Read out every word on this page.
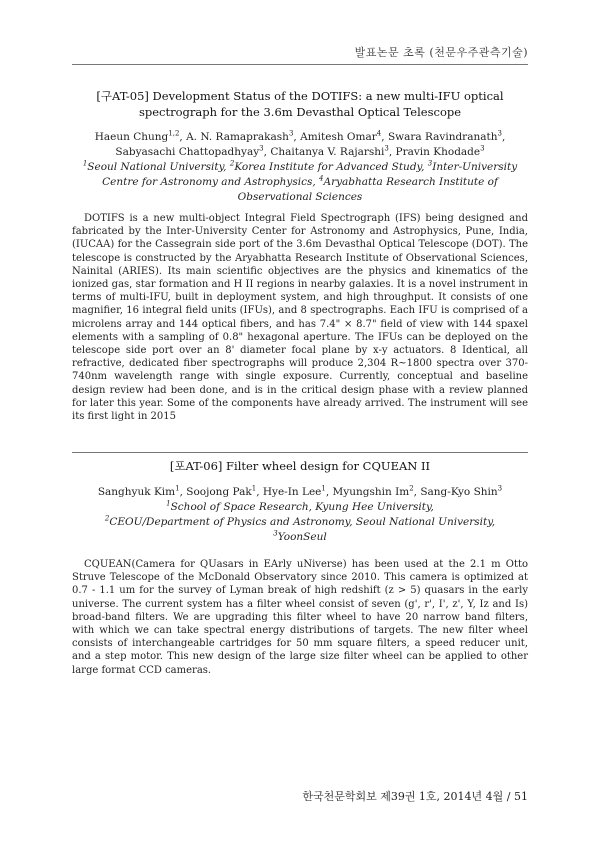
발표논문 초록 (천문우주관측기술)
[구AT-05] Development Status of the DOTIFS: a new multi-IFU optical
spectrograph for the 3.6m Devasthal Optical Telescope
Haeun Chung$^{1,2}$, A. N. Ramaprakash$^3$, Amitesh Omar$^4$, Swara Ravindranath$^3$,
Sabyasachi Chattopadhyay$^3$, Chaitanya V. Rajarshi$^3$, Pravin Khodade$^3$
$^1$Seoul National University, $^2$Korea Institute for Advanced Study, $^3$Inter-University Centre for Astronomy and Astrophysics, $^4$Aryabhatta Research Institute of Observational Sciences

DOTIFS is a new multi-object Integral Field Spectrograph (IFS) being designed and fabricated by the Inter-University Center for Astronomy and Astrophysics, Pune, India, (IUCAA) for the Cassegrain side port of the 3.6m Devasthal Optical Telescope (DOT). The telescope is constructed by the Aryabhatta Research Institute of Observational Sciences, Nainital (ARIES). Its main scientific objectives are the physics and kinematics of the ionized gas, star formation and H II regions in nearby galaxies. It is a novel instrument in terms of multi-IFU, built in deployment system, and high throughput. It consists of one magnifier, 16 integral field units (IFUs), and 8 spectrographs. Each IFU is comprised of a microlens array and 144 optical fibers, and has 7.4" × 8.7" field of view with 144 spaxel elements with a sampling of 0.8" hexagonal aperture. The IFUs can be deployed on the telescope side port over an 8' diameter focal plane by x-y actuators. 8 Identical, all refractive, dedicated fiber spectrographs will produce 2,304 R~1800 spectra over 370-740nm wavelength range with single exposure. Currently, conceptual and baseline design review had been done, and is in the critical design phase with a review planned for later this year. Some of the components have already arrived. The instrument will see its first light in 2015

[포AT-06] Filter wheel design for CQUEAN II
Sanghyuk Kim$^1$, Soojong Pak$^1$, Hye-In Lee$^1$, Myungshin Im$^2$, Sang-Kyo Shin$^3$
$^1$School of Space Research, Kyung Hee University,
$^2$CEOU/Department of Physics and Astronomy, Seoul National University,
$^3$YoonSeul

CQUEAN(Camera for QUasars in EArly uNiverse) has been used at the 2.1 m Otto Struve Telescope of the McDonald Observatory since 2010. This camera is optimized at 0.7 - 1.1 um for the survey of Lyman break of high redshift (z > 5) quasars in the early universe. The current system has a filter wheel consist of seven (g', r', I', z', Y, Iz and Is) broad-band filters. We are upgrading this filter wheel to have 20 narrow band filters, with which we can take spectral energy distributions of targets. The new filter wheel consists of interchangeable cartridges for 50 mm square filters, a speed reducer unit, and a step motor. This new design of the large size filter wheel can be applied to other large format CCD cameras.

한국천문학회보 제39권 1호, 2014년 4월 / 51
